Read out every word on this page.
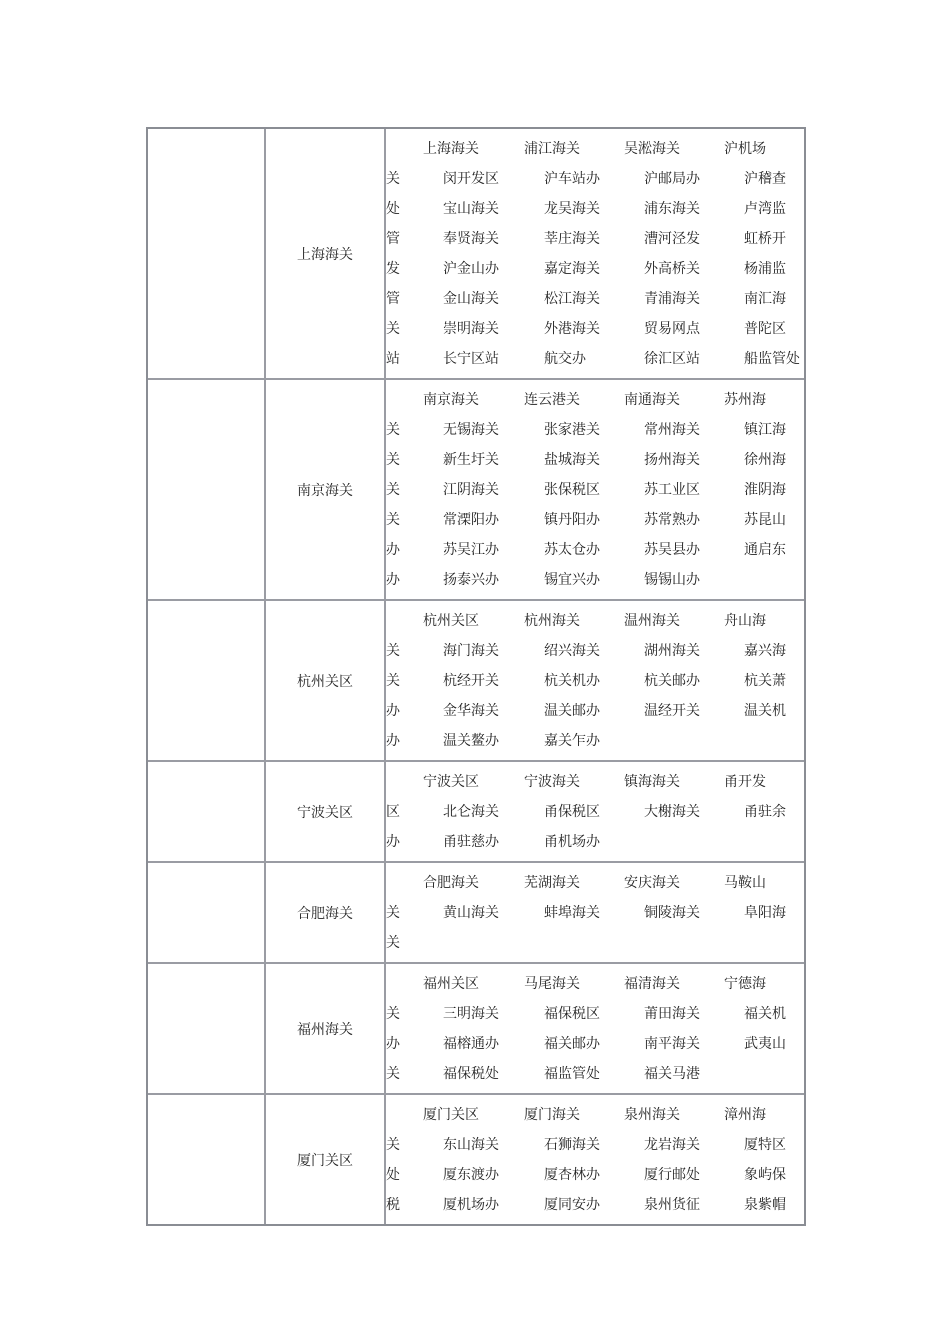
上海海关
上海海关	浦江海关	吴淞海关	沪机场
关	闵开发区	沪车站办	沪邮局办	沪稽查
处	宝山海关	龙吴海关	浦东海关	卢湾监
管	奉贤海关	莘庄海关	漕河泾发	虹桥开
发	沪金山办	嘉定海关	外高桥关	杨浦监
管	金山海关	松江海关	青浦海关	南汇海
关	崇明海关	外港海关	贸易网点	普陀区
站	长宁区站	航交办	徐汇区站	船监管处
南京海关
南京海关	连云港关	南通海关	苏州海
关	无锡海关	张家港关	常州海关	镇江海
关	新生圩关	盐城海关	扬州海关	徐州海
关	江阴海关	张保税区	苏工业区	淮阴海
关	常溧阳办	镇丹阳办	苏常熟办	苏昆山
办	苏吴江办	苏太仓办	苏吴县办	通启东
办	扬泰兴办	锡宜兴办	锡锡山办
杭州关区
杭州关区	杭州海关	温州海关	舟山海
关	海门海关	绍兴海关	湖州海关	嘉兴海
关	杭经开关	杭关机办	杭关邮办	杭关萧
办	金华海关	温关邮办	温经开关	温关机
办	温关鳌办	嘉关乍办
宁波关区
宁波关区	宁波海关	镇海海关	甬开发
区	北仑海关	甬保税区	大榭海关	甬驻余
办	甬驻慈办	甬机场办
合肥海关
合肥海关	芜湖海关	安庆海关	马鞍山
关	黄山海关	蚌埠海关	铜陵海关	阜阳海
关
福州海关
福州关区	马尾海关	福清海关	宁德海
关	三明海关	福保税区	莆田海关	福关机
办	福榕通办	福关邮办	南平海关	武夷山
关	福保税处	福监管处	福关马港
厦门关区
厦门关区	厦门海关	泉州海关	漳州海
关	东山海关	石狮海关	龙岩海关	厦特区
处	厦东渡办	厦杏林办	厦行邮处	象屿保
税	厦机场办	厦同安办	泉州货征	泉紫帽
